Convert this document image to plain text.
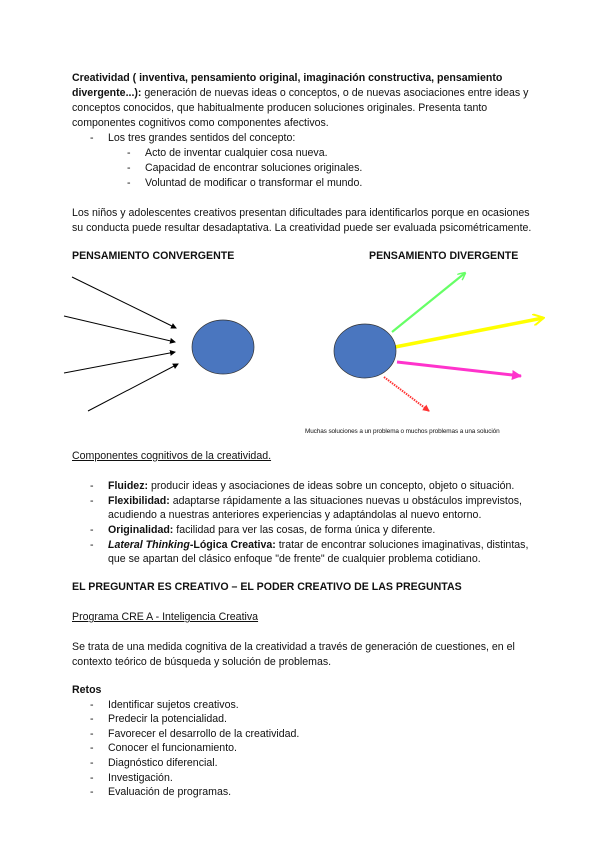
Creatividad ( inventiva, pensamiento original, imaginación constructiva, pensamiento
divergente...): generación de nuevas ideas o conceptos, o de nuevas asociaciones entre ideas y
conceptos conocidos, que habitualmente producen soluciones originales. Presenta tanto
componentes cognitivos como componentes afectivos.
- Los tres grandes sentidos del concepto:
- Acto de inventar cualquier cosa nueva.
- Capacidad de encontrar soluciones originales.
- Voluntad de modificar o transformar el mundo.
Los niños y adolescentes creativos presentan dificultades para identificarlos porque en ocasiones
su conducta puede resultar desadaptativa. La creatividad puede ser evaluada psicométricamente.
PENSAMIENTO CONVERGENTE	PENSAMIENTO DIVERGENTE
Muchas soluciones a un problema o muchos problemas a una solución
Componentes cognitivos de la creatividad.
- Fluidez: producir ideas y asociaciones de ideas sobre un concepto, objeto o situación.
- Flexibilidad: adaptarse rápidamente a las situaciones nuevas u obstáculos imprevistos,
acudiendo a nuestras anteriores experiencias y adaptándolas al nuevo entorno.
- Originalidad: facilidad para ver las cosas, de forma única y diferente.
- Lateral Thinking-Lógica Creativa: tratar de encontrar soluciones imaginativas, distintas,
que se apartan del clásico enfoque "de frente" de cualquier problema cotidiano.
EL PREGUNTAR ES CREATIVO – EL PODER CREATIVO DE LAS PREGUNTAS
Programa CRE A - Inteligencia Creativa
Se trata de una medida cognitiva de la creatividad a través de generación de cuestiones, en el
contexto teórico de búsqueda y solución de problemas.
Retos
- Identificar sujetos creativos.
- Predecir la potencialidad.
- Favorecer el desarrollo de la creatividad.
- Conocer el funcionamiento.
- Diagnóstico diferencial.
- Investigación.
- Evaluación de programas.
